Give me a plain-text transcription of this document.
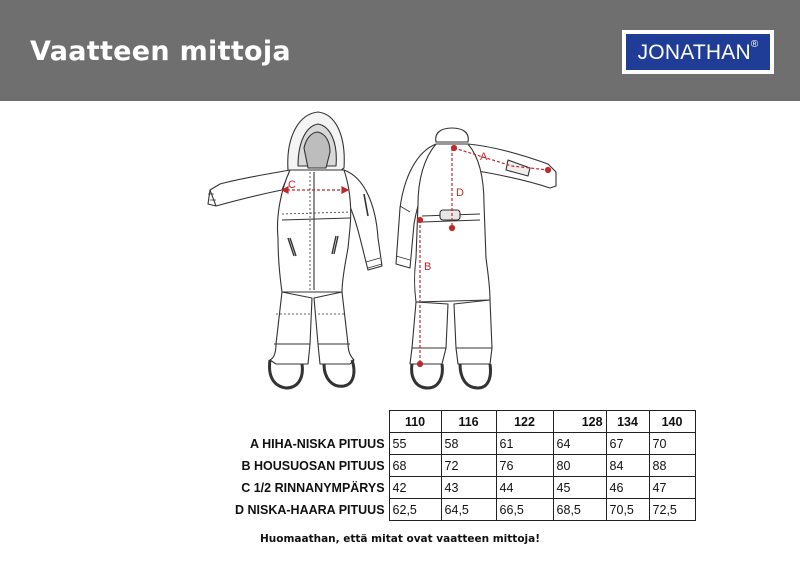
Vaatteen mittoja	JONATHAN®
A
B
C
D
	110	116	122	128	134	140
A HIHA-NISKA PITUUS	55	58	61	64	67	70
B HOUSUOSAN PITUUS	68	72	76	80	84	88
C 1/2 RINNANYMPÄRYS	42	43	44	45	46	47
D NISKA-HAARA PITUUS	62,5	64,5	66,5	68,5	70,5	72,5
Huomaathan, että mitat ovat vaatteen mittoja!
